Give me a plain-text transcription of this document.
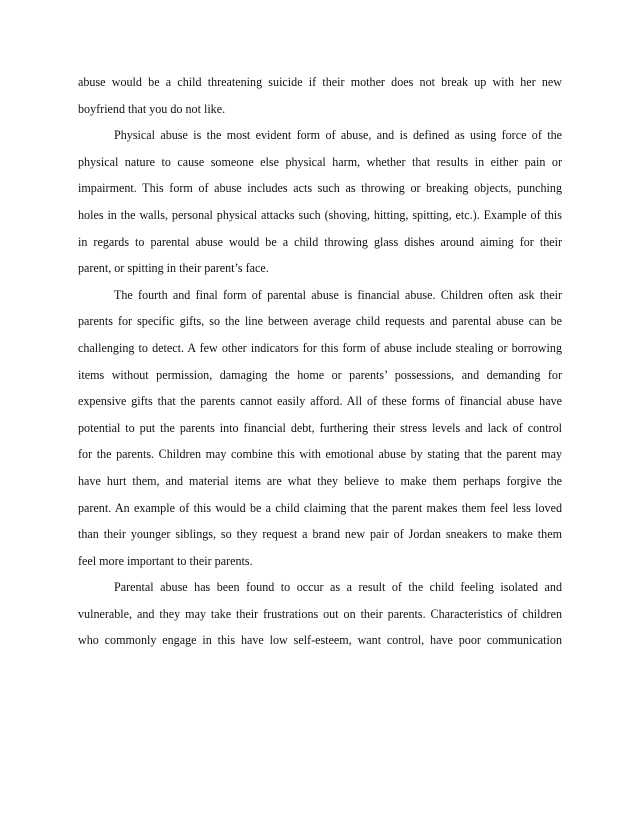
abuse would be a child threatening suicide if their mother does not break up with her new
boyfriend that you do not like.
Physical abuse is the most evident form of abuse, and is defined as using force of the
physical nature to cause someone else physical harm, whether that results in either pain or
impairment. This form of abuse includes acts such as throwing or breaking objects, punching
holes in the walls, personal physical attacks such (shoving, hitting, spitting, etc.). Example of this
in regards to parental abuse would be a child throwing glass dishes around aiming for their
parent, or spitting in their parent’s face.
The fourth and final form of parental abuse is financial abuse. Children often ask their
parents for specific gifts, so the line between average child requests and parental abuse can be
challenging to detect. A few other indicators for this form of abuse include stealing or borrowing
items without permission, damaging the home or parents’ possessions, and demanding for
expensive gifts that the parents cannot easily afford. All of these forms of financial abuse have
potential to put the parents into financial debt, furthering their stress levels and lack of control
for the parents. Children may combine this with emotional abuse by stating that the parent may
have hurt them, and material items are what they believe to make them perhaps forgive the
parent. An example of this would be a child claiming that the parent makes them feel less loved
than their younger siblings, so they request a brand new pair of Jordan sneakers to make them
feel more important to their parents.
Parental abuse has been found to occur as a result of the child feeling isolated and
vulnerable, and they may take their frustrations out on their parents. Characteristics of children
who commonly engage in this have low self-esteem, want control, have poor communication
